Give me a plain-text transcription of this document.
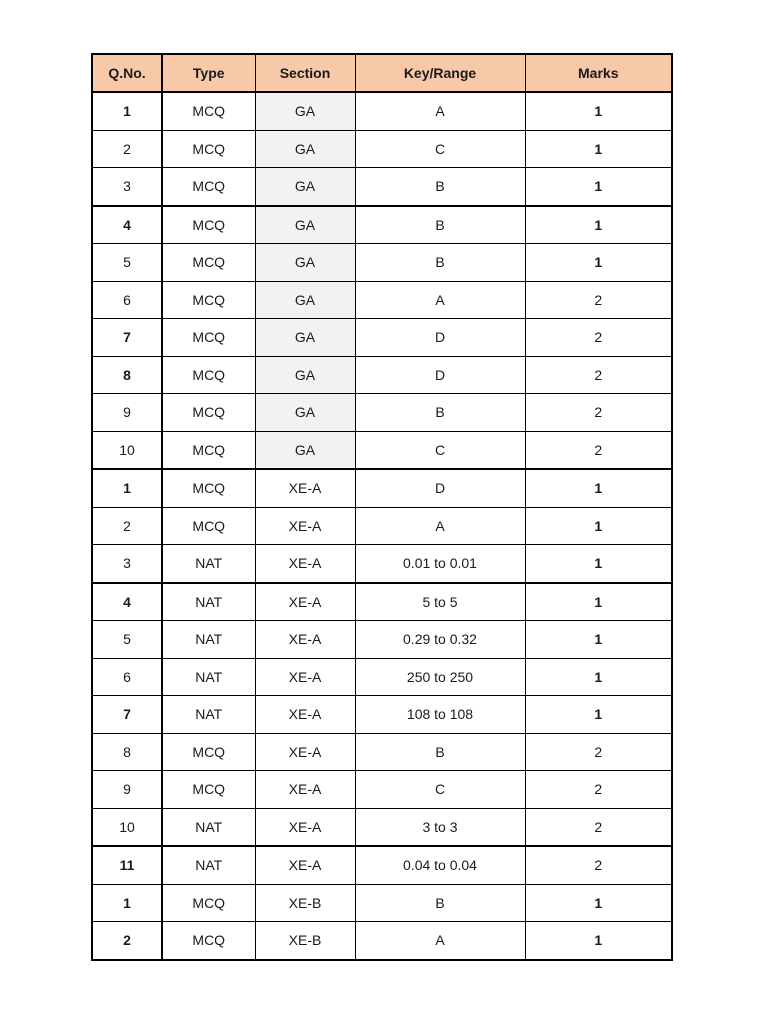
Q.No.	Type	Section	Key/Range	Marks
1	MCQ	GA	A	1
2	MCQ	GA	C	1
3	MCQ	GA	B	1
4	MCQ	GA	B	1
5	MCQ	GA	B	1
6	MCQ	GA	A	2
7	MCQ	GA	D	2
8	MCQ	GA	D	2
9	MCQ	GA	B	2
10	MCQ	GA	C	2
1	MCQ	XE-A	D	1
2	MCQ	XE-A	A	1
3	NAT	XE-A	0.01 to 0.01	1
4	NAT	XE-A	5 to 5	1
5	NAT	XE-A	0.29 to 0.32	1
6	NAT	XE-A	250 to 250	1
7	NAT	XE-A	108 to 108	1
8	MCQ	XE-A	B	2
9	MCQ	XE-A	C	2
10	NAT	XE-A	3 to 3	2
11	NAT	XE-A	0.04 to 0.04	2
1	MCQ	XE-B	B	1
2	MCQ	XE-B	A	1
